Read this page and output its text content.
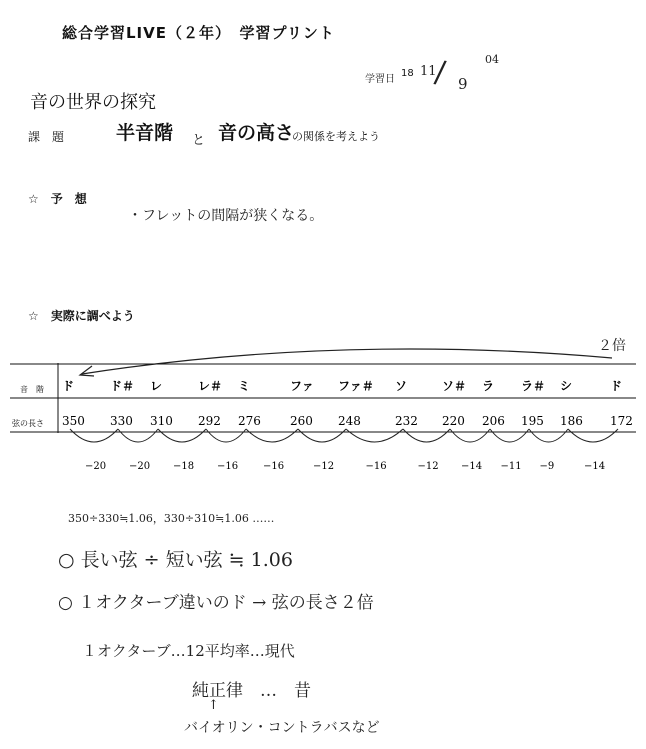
総合学習LIVE（２年）　学習プリント
学習日
18
04
11
/ 9
音の世界の探究
課　題	半音階 と 音の高さ
の関係を考えよう
☆　予　想
・フレットの間隔が狭くなる。
☆　実際に調べよう
２倍
音　階
弦の長さ
ド	ド＃ レ	レ＃ ミ	ファ ファ＃ ソ	ソ＃ ラ ラ＃ シ	ド
350 330 310 292 276 260 248	232 220 206 195 186 172
−20 −20 −18 −16 −16	−12	−16	−12 −14 −11 −9	−14
350÷330≒1.06，330÷310≒1.06 ……
○ 長い弦 ÷ 短い弦 ≒ 1.06
○ １オクターブ違いのド → 弦の長さ２倍
１オクターブ…12平均率…現代
純正律　…　昔
↑
バイオリン・コントラバスなど
